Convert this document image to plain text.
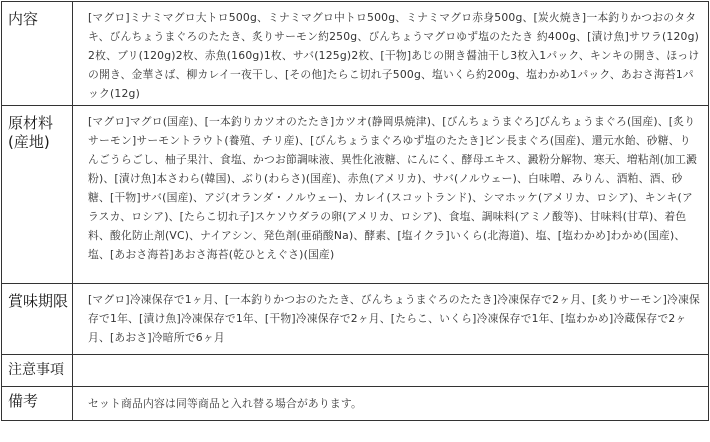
内容	[マグロ]ミナミマグロ大トロ500g、ミナミマグロ中トロ500g、ミナミマグロ赤身500g、[炭火焼き]一本釣りかつおのタタキ、びんちょうまぐろのたたき、炙りサーモン約250g、びんちょうマグロゆず塩のたたき 約400g、[漬け魚]サワラ(120g)2枚、ブリ(120g)2枚、赤魚(160g)1枚、サバ(125g)2枚、[干物]あじの開き醤油干し3枚入1パック、キンキの開き、ほっけの開き、金華さば、柳カレイ一夜干し、[その他]たらこ切れ子500g、塩いくら約200g、塩わかめ1パック、あおさ海苔1パック(12g)

原材料
(産地)	[マグロ]マグロ(国産)、[一本釣りカツオのたたき]カツオ(静岡県焼津)、[びんちょうまぐろ]びんちょうまぐろ(国産)、[炙りサーモン]サーモントラウト(養殖、チリ産)、[びんちょうまぐろゆず塩のたたき]ビン長まぐろ(国産)、還元水飴、砂糖、りんごうらごし、柚子果汁、食塩、かつお節調味液、異性化液糖、にんにく、酵母エキス、澱粉分解物、寒天、増粘剤(加工澱粉)、[漬け魚]本さわら(韓国)、ぶり(わらさ)(国産)、赤魚(アメリカ)、サバ(ノルウェー)、白味噌、みりん、酒粕、酒、砂糖、[干物]サバ(国産)、アジ(オランダ・ノルウェー)、カレイ(スコットランド)、シマホッケ(アメリカ、ロシア)、キンキ(アラスカ、ロシア)、[たらこ切れ子]スケソウダラの卵(アメリカ、ロシア)、食塩、調味料(アミノ酸等)、甘味料(甘草)、着色料、酸化防止剤(VC)、ナイアシン、発色剤(亜硝酸Na)、酵素、[塩イクラ]いくら(北海道)、塩、[塩わかめ]わかめ(国産)、塩、[あおさ海苔]あおさ海苔(乾ひとえぐさ)(国産)

賞味期限	[マグロ]冷凍保存で1ヶ月、[一本釣りかつおのたたき、びんちょうまぐろのたたき]冷凍保存で2ヶ月、[炙りサーモン]冷凍保存で1年、[漬け魚]冷凍保存で1年、[干物]冷凍保存で2ヶ月、[たらこ、いくら]冷凍保存で1年、[塩わかめ]冷蔵保存で2ヶ月、[あおさ]冷暗所で6ヶ月

注意事項	

備考	セット商品内容は同等商品と入れ替る場合があります。
